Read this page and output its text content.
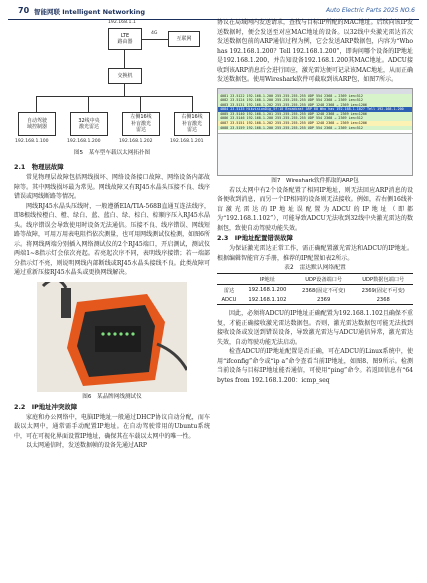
70 智能网联 Intelligent Networking	Auto Electric Parts 2025 NO.6
192.168.1.1
LTE
路由器
4G
互联网
交换机
自动驾驶
域控制器
32线中央
激光雷达
左侧16线
补盲激光
雷达
右侧16线
补盲激光
雷达
192.168.1.100	192.168.1.200	192.168.1.202	192.168.1.201
图5　某车型车载以太网拓扑图
2.1　物理层故障

常见物理层故障包括网线损坏、网络设备接口故障、网络设备内部故障等。其中网线损坏最为常见。网线故障又有RJ45水晶头压接不良、线序错误或网线断路等情况。

网线RJ45水晶头压线时，一般遵循EIA/TIA-568B直通互连法线序，即8根线按橙白、橙、绿白、蓝、蓝白、绿、棕白、棕顺序压入RJ45水晶头。线序错误会导致使用时设备无法通信。压接不良、线序错误、网线短路等故障，可用万用表电阻挡依次测量，也可用网线测试仪检测，如图6所示。将网线两端分别插入网络测试仪的2个RJ45端口，开启测试，测试仪两端1~8指示灯会依次亮起。若亮起次序不同，表明线序接错；若一端部分指示灯不亮，则说明网线内部断线或RJ45水晶头接线不良。此类故障可通过重新压接RJ45水晶头或更换网线解决。

图6　某品牌网线测试仪
2.2　IP地址冲突故障

家庭和办公网络中，电脑IP地址一般通过DHCP协议自动分配，而车载以太网中，通常需手动配置IP地址。在自动驾驶常用的Ubuntu系统中，可在可视化界面设置IP地址，确保其在车载以太网中的唯一性。

以太网通信时，发送数据帧的设备先通过ARP

协议在局域网内发送请求，查找与目标IP所配的MAC地址。后续向该IP发送数据时，便会发送至对应MAC地址的设备。以32线中央激光雷达首次发送数据包前的ARP通信过程为例，它会发送ARP数据包，内容为“Who has 192.168.1.200？Tell 192.168.1.200”，即询问哪个设备的IP地址是192.168.1.200，并告知设备192.168.1.200其MAC地址。ADCU接收到该ARP消息后会进行回应，激光雷达便可记录该MAC地址，从而正确发送数据包。使用Wireshark软件可截取到该ARP包，如图7所示。

4081 23.5122 192.168.1.200 255.255.255.255 UDP 554 2368 → 2369 Len=512
4082 23.5124 192.168.1.200 255.255.255.255 UDP 554 2368 → 2369 Len=512
4083 23.5131 192.168.1.202 255.255.255.255 UDP 1248 2368 → 2369 Len=1206
4084 23.5135 HikvisionDig_5f:10 Broadcast ARP 60 Who has 192.168.1.102? Tell 192.168.1.200
4085 23.5140 192.168.1.201 255.255.255.255 UDP 1248 2368 → 2369 Len=1206
4086 23.5146 192.168.1.200 255.255.255.255 UDP 554 2368 → 2369 Len=512
4087 23.5151 192.168.1.202 255.255.255.255 UDP 1248 2368 → 2369 Len=1206
4088 23.5159 192.168.1.200 255.255.255.255 UDP 554 2368 → 2369 Len=512
图7　Wireshark软件抓取的ARP包

若以太网中有2个设备配置了相同IP地址，则无法回应ARP消息的设备便收到消息，而另一个IP相同的设备则无法接收。例如，若右侧16线补盲激光雷达的IP地址误配置为ADCU的IP地址（即都为“192.168.1.102”），可能导致ADCU无法收到32线中央激光雷达的数据包，致使自动驾驶功能失效。

2.3　IP地址配置错误故障

为保证激光雷达正常工作，需正确配置激光雷达和ADCU的IP地址。根据编辑智能官方手册，推荐的IP配置如表2所示。

表2　雷达默认网络配置
	IP地址	UDP设备端口号	UDP数据包端口号
雷达	192.168.1.200	2368(固定不可变)	2369(固定不可变)
ADCU	192.168.1.102	2369	2368

因此，必须将ADCU的IP地址正确配置为192.168.1.102且确保不重复，才能正确接收激光雷达数据包。否则，激光雷达数据包可能无法找到接收设备或发送到错误设备，导致激光雷达与ADCU通信异常，激光雷达失效，自动驾驶功能无法启动。

检查ADCU的IP地址配置是否正确，可在ADCU的Linux系统中，使用“ifconfig”命令或“ip a”命令查看当前IP地址，如图8、图9所示。检测当前设备与目标IP地址能否通信，可使用“ping”命令。若返回信息有“64 bytes from 192.168.1.200：icmp_seq
